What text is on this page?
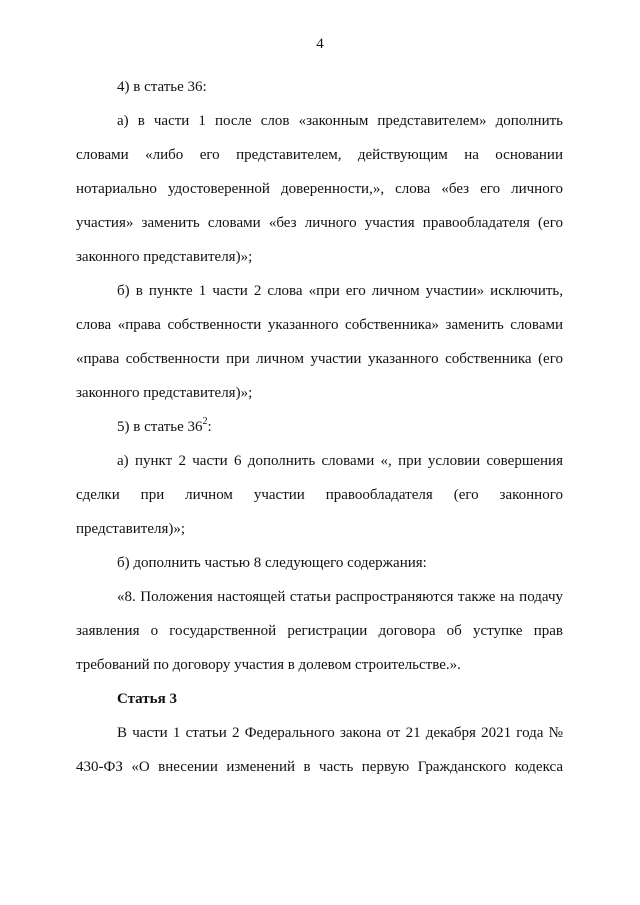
4

4) в статье 36:

а) в части 1 после слов «законным представителем» дополнить словами «либо его представителем, действующим на основании нотариально удостоверенной доверенности,», слова «без его личного участия» заменить словами «без личного участия правообладателя (его законного представителя)»;

б) в пункте 1 части 2 слова «при его личном участии» исключить, слова «права собственности указанного собственника» заменить словами «права собственности при личном участии указанного собственника (его законного представителя)»;

5) в статье $36^2$:

а) пункт 2 части 6 дополнить словами «, при условии совершения сделки при личном участии правообладателя (его законного представителя)»;

б) дополнить частью 8 следующего содержания:

«8. Положения настоящей статьи распространяются также на подачу заявления о государственной регистрации договора об уступке прав требований по договору участия в долевом строительстве.».

Статья 3

В части 1 статьи 2 Федерального закона от 21 декабря 2021 года № 430-ФЗ «О внесении изменений в часть первую Гражданского кодекса
